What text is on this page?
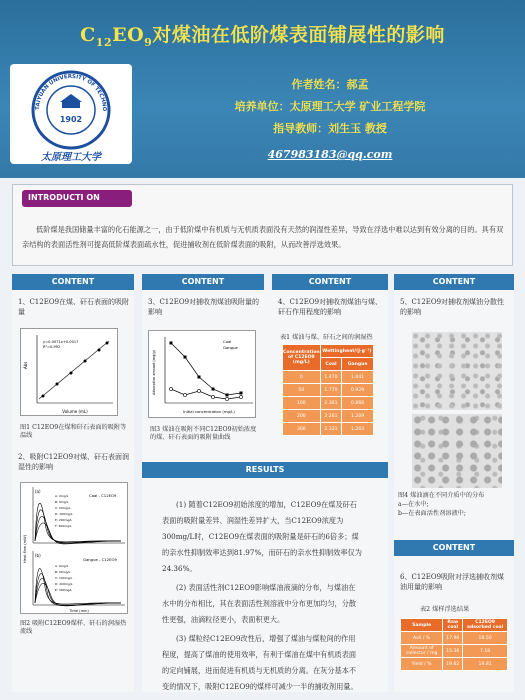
$C_{12}EO_9$对煤油在低阶煤表面铺展性的影响
1902
TAIYUAN UNIVERSITY OF TECHNO
太原理工大学
作者姓名：郝孟
培养单位：太原理工大学 矿业工程学院
指导教师：刘生玉 教授
467983183@qq.com
INTRODUCTI ON
低阶煤是我国储量丰富的化石能源之一，由于低阶煤中有机质与无机质表面没有天然的润湿性差异，导致在浮选中难以达到有效分离的目的。具有双亲结构的表面活性剂可提高低阶煤表面疏水性，促进捕收剂在低阶煤表面的吸附，从而改善浮选效果。
CONTENT	CONTENT	CONTENT	CONTENT
1、C12EO9在煤、矸石表面的吸附量
y=0.0071x+0.0017
R²=0.992
Volume (mL)
Abs
图1 C12EO9在煤和矸石表面的吸附等温线
2、吸附C12EO9对煤、矸石表面润湿性的影响
(a)
Coal - C12EO9
A: 0mg/L
B: 0mg/L
C: 50mg/L
D: 100mg/L
E: 200mg/L
F: 300mg/L
(b)
Gangue - C12EO9
A: 0mg/L
B: 50mg/L
C: 100mg/L
D: 200mg/L
E: 300mg/L
Time (min)
Heat flow (mW)
图2 吸附C12EO9煤样、矸石的润湿热流线
3、C12EO9对捕收剂煤油吸附量的影响
Coal
Gangue
Initial concentration (mg/L)
Adsorption amount (mg/g)
图3 煤油在吸附不同C12EO9初始浓度的煤、矸石表面的吸附量曲线
4、C12EO9对捕收剂煤油与煤、矸石作用程度的影响
表1 煤油与煤、矸石之间的润湿热
Concentration of C12EO9 (mg/L)	Wettingheat/(J·g⁻¹)	
	Coal	Gangue
0	1.470	1.041
50	1.770	0.929
100	2.301	0.866
200	2.261	1.209
300	2.331	1.203
RESULTS

(1) 随着C12EO9初始浓度的增加，C12EO9在煤及矸石表面的吸附量差异、润湿性差异扩大，当C12EO9浓度为300mg/L时，C12EO9在煤表面的吸附量是矸石的6倍多；煤的亲水性抑制效率达到81.97%，而矸石的亲水性抑制效率仅为24.36%。

(2) 表面活性剂C12EO9影响煤油液滴的分布，与煤油在水中的分布相比，其在表面活性剂溶液中分布更加均匀，分散性更强，油滴粒径更小，表面积更大。

(3) 煤粒经C12EO9改性后，增强了煤油与煤粒间的作用程度，提高了煤油的使用效率，有利于煤油在煤中有机质表面的定向铺展，进而促进有机质与无机质的分离。在灰分基本不变的情况下，吸附C12EO9的煤样可减少一半的捕收剂用量。

5、C12EO9对捕收剂煤油分散性的影响
图4 煤油滴在不同介质中的分布
a—在水中;
b—在表面活性剂溶液中;
CONTENT
6、C12EO9吸附对浮选捕收剂煤油用量的影响
表2 煤样浮选结果
Sample	Raw coal	C12EO9 adsorbed coal
Ash / %	17.90	18.50
Amount of collector / mg	15.36	7.18
Yield / %	19.62	19.81
